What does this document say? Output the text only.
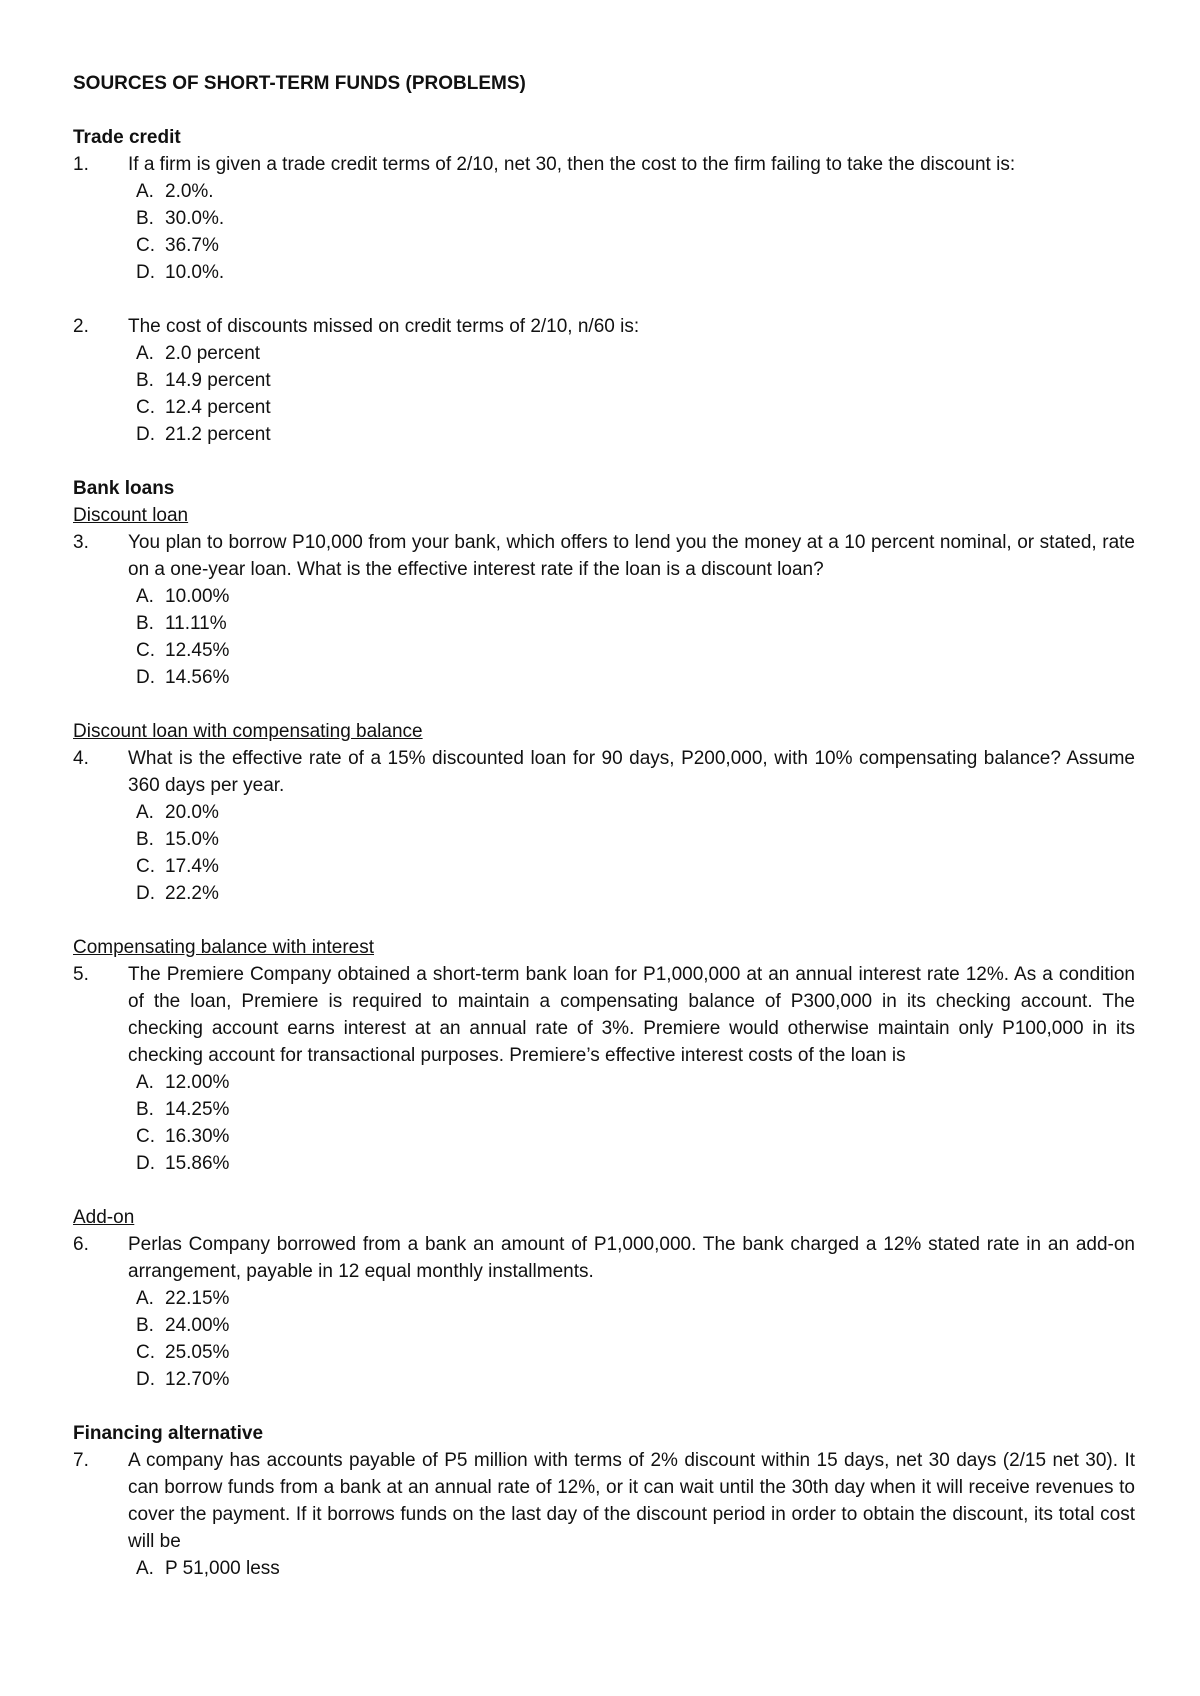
SOURCES OF SHORT-TERM FUNDS (PROBLEMS)
Trade credit
1.	If a firm is given a trade credit terms of 2/10, net 30, then the cost to the firm failing to take the discount is:
A. 2.0%.
B. 30.0%.
C. 36.7%
D. 10.0%.
2.	The cost of discounts missed on credit terms of 2/10, n/60 is:
A. 2.0 percent
B. 14.9 percent
C. 12.4 percent
D. 21.2 percent
Bank loans
Discount loan
3.	You plan to borrow P10,000 from your bank, which offers to lend you the money at a 10 percent nominal, or stated, rate on a one-year loan. What is the effective interest rate if the loan is a discount loan?
A. 10.00%
B. 11.11%
C. 12.45%
D. 14.56%
Discount loan with compensating balance
4.	What is the effective rate of a 15% discounted loan for 90 days, P200,000, with 10% compensating balance? Assume 360 days per year.
A. 20.0%
B. 15.0%
C. 17.4%
D. 22.2%
Compensating balance with interest
5.	The Premiere Company obtained a short-term bank loan for P1,000,000 at an annual interest rate 12%. As a condition of the loan, Premiere is required to maintain a compensating balance of P300,000 in its checking account. The checking account earns interest at an annual rate of 3%. Premiere would otherwise maintain only P100,000 in its checking account for transactional purposes. Premiere’s effective interest costs of the loan is
A. 12.00%
B. 14.25%
C. 16.30%
D. 15.86%
Add-on
6.	Perlas Company borrowed from a bank an amount of P1,000,000. The bank charged a 12% stated rate in an add-on arrangement, payable in 12 equal monthly installments.
A. 22.15%
B. 24.00%
C. 25.05%
D. 12.70%
Financing alternative
7.	A company has accounts payable of P5 million with terms of 2% discount within 15 days, net 30 days (2/15 net 30). It can borrow funds from a bank at an annual rate of 12%, or it can wait until the 30th day when it will receive revenues to cover the payment. If it borrows funds on the last day of the discount period in order to obtain the discount, its total cost will be
A. P 51,000 less
